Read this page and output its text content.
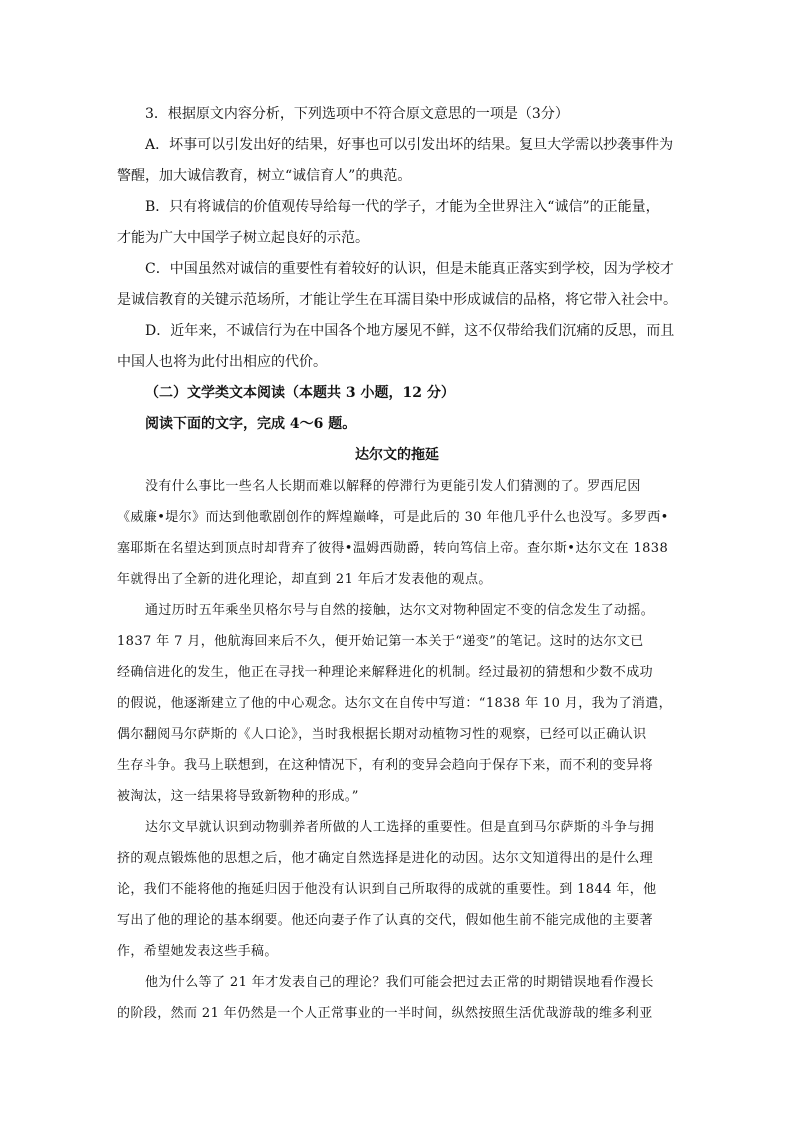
3．根据原文内容分析，下列选项中不符合原文意思的一项是（3分）
A．坏事可以引发出好的结果，好事也可以引发出坏的结果。复旦大学需以抄袭事件为
警醒，加大诚信教育，树立“诚信育人”的典范。
B．只有将诚信的价值观传导给每一代的学子，才能为全世界注入“诚信”的正能量，
才能为广大中国学子树立起良好的示范。
C．中国虽然对诚信的重要性有着较好的认识，但是未能真正落实到学校，因为学校才
是诚信教育的关键示范场所，才能让学生在耳濡目染中形成诚信的品格，将它带入社会中。
D．近年来，不诚信行为在中国各个地方屡见不鲜，这不仅带给我们沉痛的反思，而且
中国人也将为此付出相应的代价。
（二）文学类文本阅读（本题共 3 小题，12 分）
阅读下面的文字，完成 4～6 题。
达尔文的拖延
没有什么事比一些名人长期而难以解释的停滞行为更能引发人们猜测的了。罗西尼因
《威廉•堤尔》而达到他歌剧创作的辉煌巅峰，可是此后的 30 年他几乎什么也没写。多罗西•
塞耶斯在名望达到顶点时却背弃了彼得•温姆西勋爵，转向笃信上帝。查尔斯•达尔文在 1838
年就得出了全新的进化理论，却直到 21 年后才发表他的观点。
通过历时五年乘坐贝格尔号与自然的接触，达尔文对物种固定不变的信念发生了动摇。
1837 年 7 月，他航海回来后不久，便开始记第一本关于“递变”的笔记。这时的达尔文已
经确信进化的发生，他正在寻找一种理论来解释进化的机制。经过最初的猜想和少数不成功
的假说，他逐渐建立了他的中心观念。达尔文在自传中写道：“1838 年 10 月，我为了消遣，
偶尔翻阅马尔萨斯的《人口论》，当时我根据长期对动植物习性的观察，已经可以正确认识
生存斗争。我马上联想到，在这种情况下，有利的变异会趋向于保存下来，而不利的变异将
被淘汰，这一结果将导致新物种的形成。”
达尔文早就认识到动物驯养者所做的人工选择的重要性。但是直到马尔萨斯的斗争与拥
挤的观点锻炼他的思想之后，他才确定自然选择是进化的动因。达尔文知道得出的是什么理
论，我们不能将他的拖延归因于他没有认识到自己所取得的成就的重要性。到 1844 年，他
写出了他的理论的基本纲要。他还向妻子作了认真的交代，假如他生前不能完成他的主要著
作，希望她发表这些手稿。
他为什么等了 21 年才发表自己的理论？我们可能会把过去正常的时期错误地看作漫长
的阶段，然而 21 年仍然是一个人正常事业的一半时间，纵然按照生活优哉游哉的维多利亚
